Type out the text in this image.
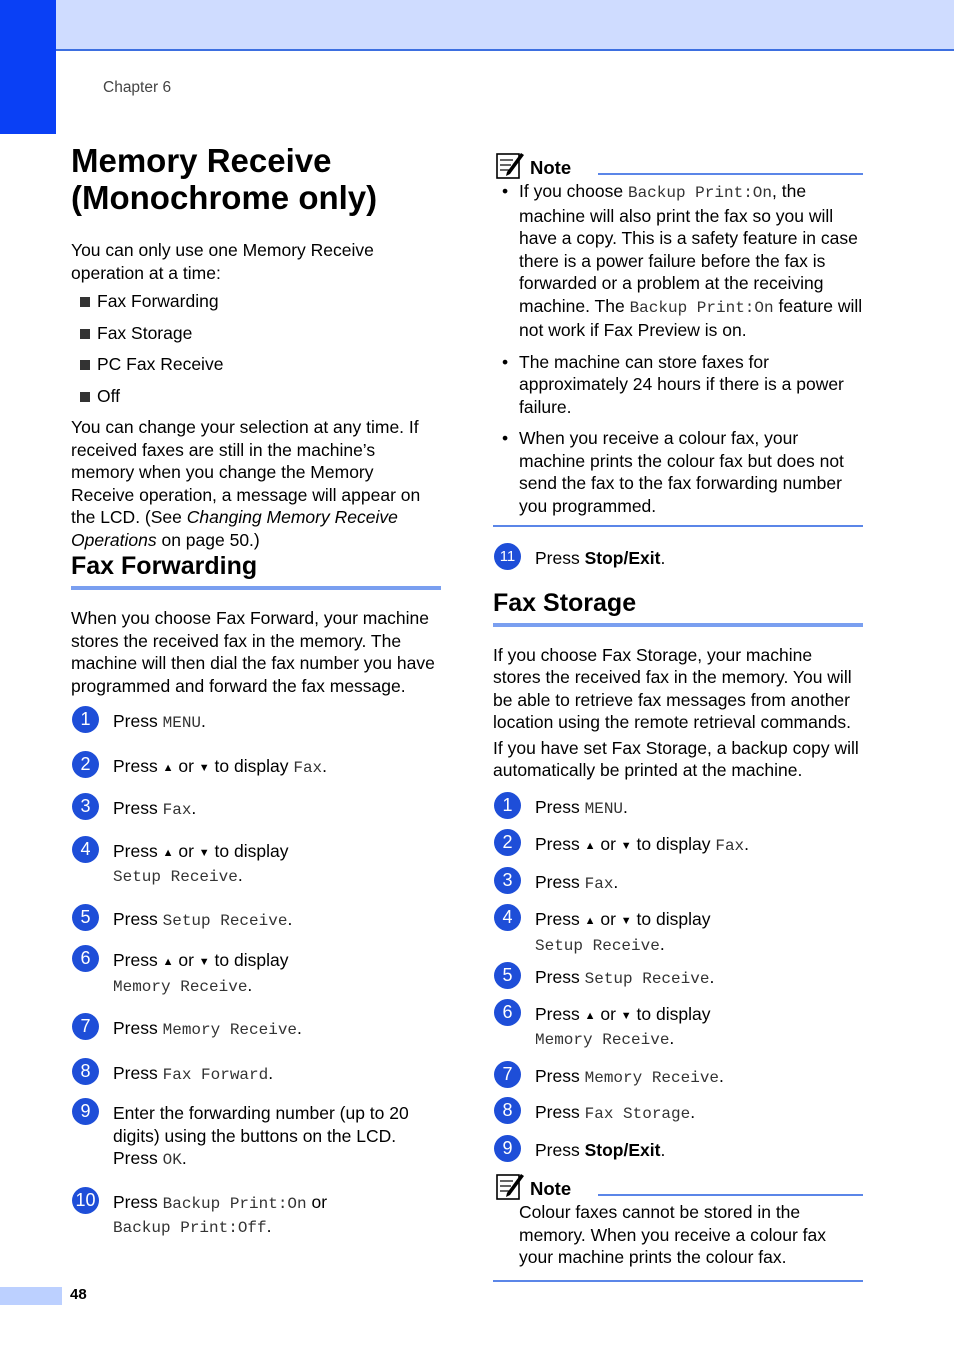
Chapter 6
Memory Receive (Monochrome only)

You can only use one Memory Receive operation at a time:

Fax Forwarding
Fax Storage
PC Fax Receive
Off

You can change your selection at any time. If received faxes are still in the machine’s memory when you change the Memory Receive operation, a message will appear on the LCD. (See Changing Memory Receive Operations on page 50.)

Fax Forwarding

When you choose Fax Forward, your machine stores the received fax in the memory. The machine will then dial the fax number you have programmed and forward the fax message.

1	Press MENU.
2	Press ▲ or ▼ to display Fax.
3	Press Fax.
4	Press ▲ or ▼ to display
Setup Receive.
5	Press Setup Receive.
6	Press ▲ or ▼ to display
Memory Receive.
7	Press Memory Receive.
8	Press Fax Forward.
9	Enter the forwarding number (up to 20 digits) using the buttons on the LCD.
Press OK.
10 Press Backup Print:On or
Backup Print:Off.
Note
• If you choose Backup Print:On, the machine will also print the fax so you will have a copy. This is a safety feature in case there is a power failure before the fax is forwarded or a problem at the receiving machine. The Backup Print:On feature will not work if Fax Preview is on.
• The machine can store faxes for approximately 24 hours if there is a power failure.
• When you receive a colour fax, your machine prints the colour fax but does not send the fax to the fax forwarding number you programmed.
11	Press Stop/Exit.
Fax Storage

If you choose Fax Storage, your machine stores the received fax in the memory. You will be able to retrieve fax messages from another location using the remote retrieval commands.

If you have set Fax Storage, a backup copy will automatically be printed at the machine.

1	Press MENU.
2	Press ▲ or ▼ to display Fax.
3	Press Fax.
4	Press ▲ or ▼ to display
Setup Receive.
5	Press Setup Receive.
6	Press ▲ or ▼ to display
Memory Receive.
7	Press Memory Receive.
8	Press Fax Storage.
9	Press Stop/Exit.
Note

Colour faxes cannot be stored in the memory. When you receive a colour fax your machine prints the colour fax.

48
